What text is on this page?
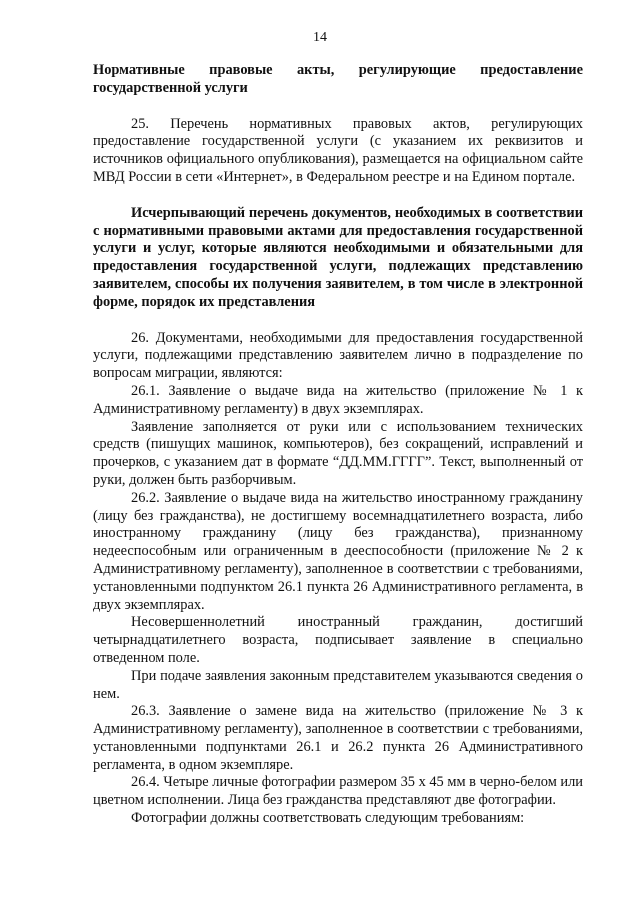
14

Нормативные правовые акты, регулирующие предоставление государственной услуги

25. Перечень нормативных правовых актов, регулирующих предоставление государственной услуги (с указанием их реквизитов и источников официального опубликования), размещается на официальном сайте МВД России в сети «Интернет», в Федеральном реестре и на Едином портале.

Исчерпывающий перечень документов, необходимых в соответствии с нормативными правовыми актами для предоставления государственной услуги и услуг, которые являются необходимыми и обязательными для предоставления государственной услуги, подлежащих представлению заявителем, способы их получения заявителем, в том числе в электронной форме, порядок их представления

26. Документами, необходимыми для предоставления государственной услуги, подлежащими представлению заявителем лично в подразделение по вопросам миграции, являются:

26.1. Заявление о выдаче вида на жительство (приложение № 1 к Административному регламенту) в двух экземплярах.

Заявление заполняется от руки или с использованием технических средств (пишущих машинок, компьютеров), без сокращений, исправлений и прочерков, с указанием дат в формате “ДД.ММ.ГГГГ”. Текст, выполненный от руки, должен быть разборчивым.

26.2. Заявление о выдаче вида на жительство иностранному гражданину (лицу без гражданства), не достигшему восемнадцатилетнего возраста, либо иностранному гражданину (лицу без гражданства), признанному недееспособным или ограниченным в дееспособности (приложение № 2 к Административному регламенту), заполненное в соответствии с требованиями, установленными подпунктом 26.1 пункта 26 Административного регламента, в двух экземплярах.

Несовершеннолетний иностранный гражданин, достигший четырнадцатилетнего возраста, подписывает заявление в специально отведенном поле.

При подаче заявления законным представителем указываются сведения о нем.

26.3. Заявление о замене вида на жительство (приложение № 3 к Административному регламенту), заполненное в соответствии с требованиями, установленными подпунктами 26.1 и 26.2 пункта 26 Административного регламента, в одном экземпляре.

26.4. Четыре личные фотографии размером 35 х 45 мм в черно-белом или цветном исполнении. Лица без гражданства представляют две фотографии.

Фотографии должны соответствовать следующим требованиям:
